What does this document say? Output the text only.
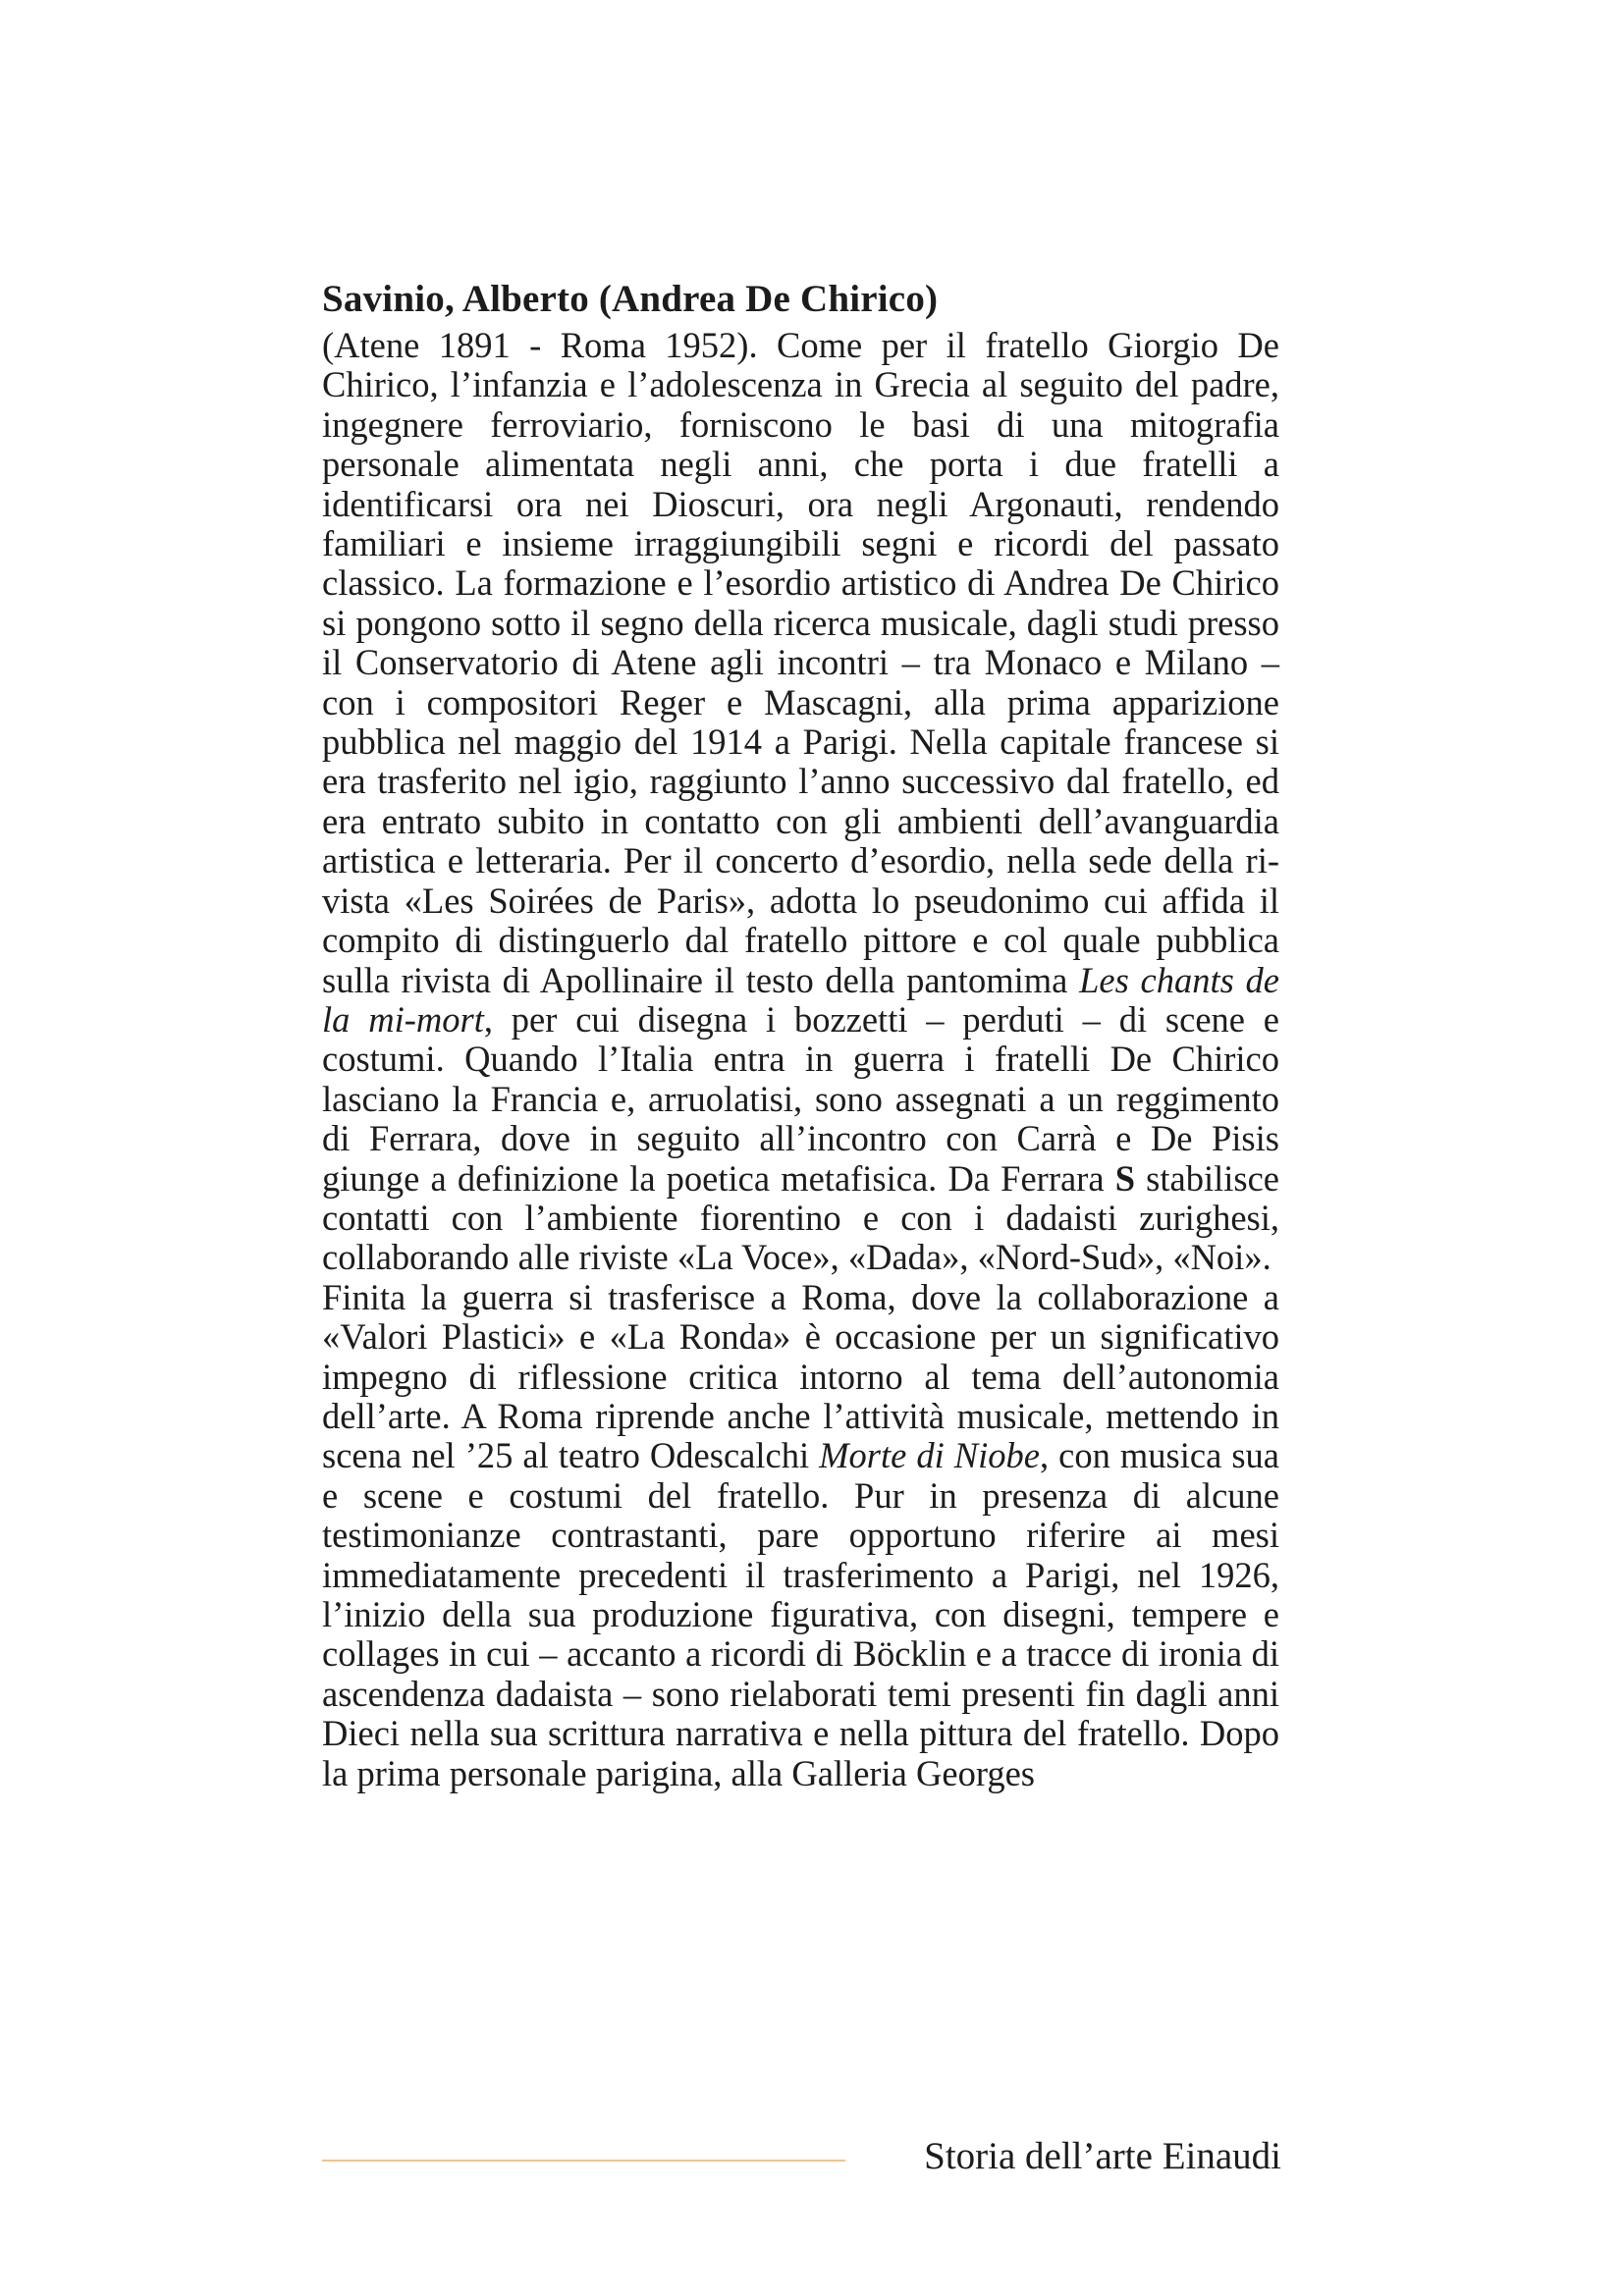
Savinio, Alberto (Andrea De Chirico)

(Atene 1891 - Roma 1952). Come per il fratello Giorgio De Chirico, l’infanzia e l’adolescenza in Grecia al seguito del padre, ingegnere ferroviario, forniscono le basi di una mitografia personale alimentata negli anni, che porta i due fratelli a identificarsi ora nei Dioscuri, ora negli Argonauti, rendendo familiari e insieme irraggiungibili segni e ricordi del passato classico. La formazione e l’esordio artistico di Andrea De Chirico si pongono sotto il segno della ricerca musicale, dagli studi presso il Conservatorio di Atene agli incontri – tra Monaco e Milano – con i compositori Reger e Mascagni, alla prima apparizione pubblica nel maggio del 1914 a Parigi. Nella capitale francese si era trasferito nel igio, raggiunto l’anno successivo dal fratello, ed era entrato subito in contatto con gli ambienti dell’avanguardia artistica e letteraria. Per il concerto d’esordio, nella sede della rivista «Les Soirées de Paris», adotta lo pseudonimo cui affida il compito di distinguerlo dal fratello pittore e col quale pubblica sulla rivista di Apollinaire il testo della pantomima Les chants de la mi-mort, per cui disegna i bozzetti – perduti – di scene e costumi. Quando l’Italia entra in guerra i fratelli De Chirico lasciano la Francia e, arruolatisi, sono assegnati a un reggimento di Ferrara, dove in seguito all’incontro con Carrà e De Pisis giunge a definizione la poetica metafisica. Da Ferrara S stabilisce contatti con l’ambiente fiorentino e con i dadaisti zurighesi, collaborando alle riviste «La Voce», «Dada», «Nord-Sud», «Noi».

Finita la guerra si trasferisce a Roma, dove la collaborazione a «Valori Plastici» e «La Ronda» è occasione per un significativo impegno di riflessione critica intorno al tema dell’autonomia dell’arte. A Roma riprende anche l’attività musicale, mettendo in scena nel ’25 al teatro Odescalchi Morte di Niobe, con musica sua e scene e costumi del fratello. Pur in presenza di alcune testimonianze contrastanti, pare opportuno riferire ai mesi immediatamente precedenti il trasferimento a Parigi, nel 1926, l’inizio della sua produzione figurativa, con disegni, tempere e collages in cui – accanto a ricordi di Böcklin e a tracce di ironia di ascendenza dadaista – sono rielaborati temi presenti fin dagli anni Dieci nella sua scrittura narrativa e nella pittura del fratello. Dopo la prima personale parigina, alla Galleria Georges

Storia dell’arte Einaudi
